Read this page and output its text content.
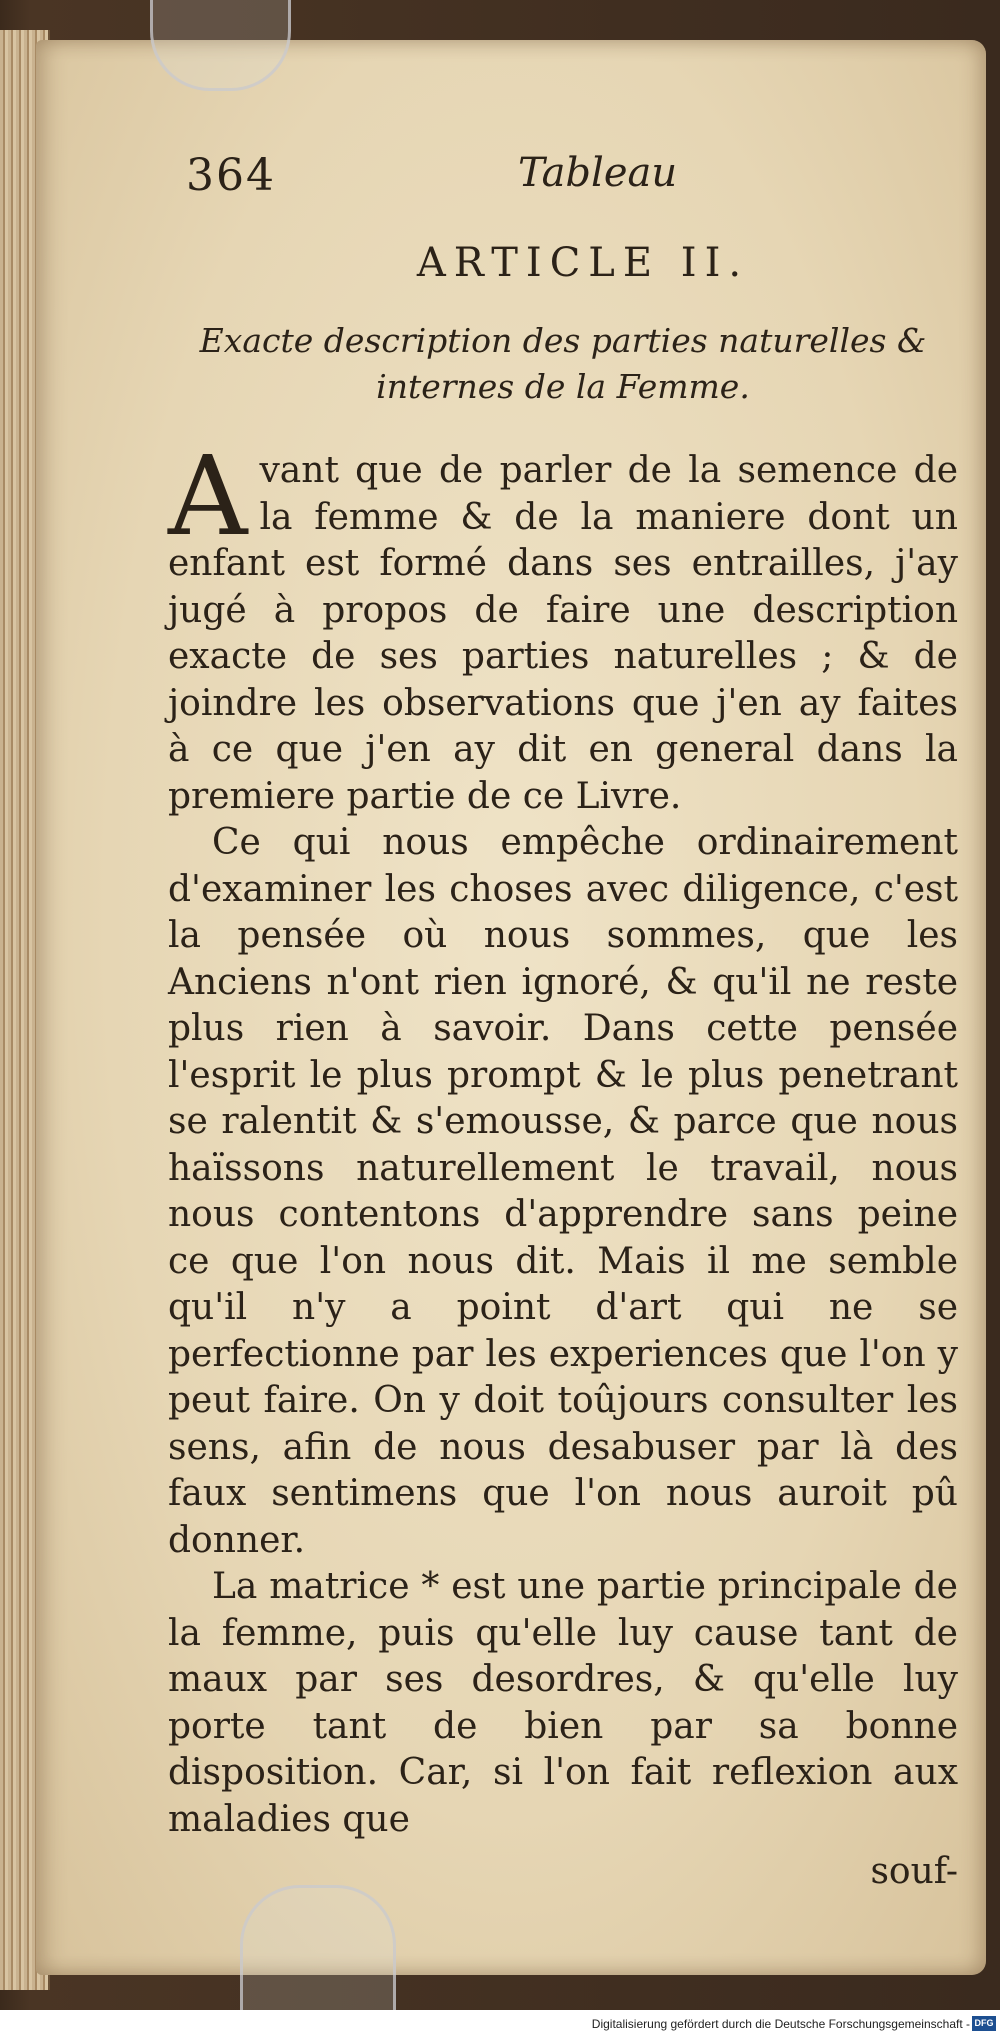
364	Tableau
ARTICLE II.

Exacte description des parties naturelles & internes de la Femme.

Avant que de parler de la semence de la femme & de la maniere dont un enfant est formé dans ses entrailles, j'ay jugé à propos de faire une description exacte de ses parties naturelles ; & de joindre les observations que j'en ay faites à ce que j'en ay dit en general dans la premiere partie de ce Livre.

Ce qui nous empêche ordinairement d'examiner les choses avec diligence, c'est la pensée où nous sommes, que les Anciens n'ont rien ignoré, & qu'il ne reste plus rien à savoir. Dans cette pensée l'esprit le plus prompt & le plus penetrant se ralentit & s'emousse, & parce que nous haïssons naturellement le travail, nous nous contentons d'apprendre sans peine ce que l'on nous dit. Mais il me semble qu'il n'y a point d'art qui ne se perfectionne par les experiences que l'on y peut faire. On y doit toûjours consulter les sens, afin de nous desabuser par là des faux sentimens que l'on nous auroit pû donner.

La matrice * est une partie principale de la femme, puis qu'elle luy cause tant de maux par ses desordres, & qu'elle luy porte tant de bien par sa bonne disposition. Car, si l'on fait reflexion aux maladies que

souf-
Digitalisierung gefördert durch die Deutsche Forschungsgemeinschaft - DFG
